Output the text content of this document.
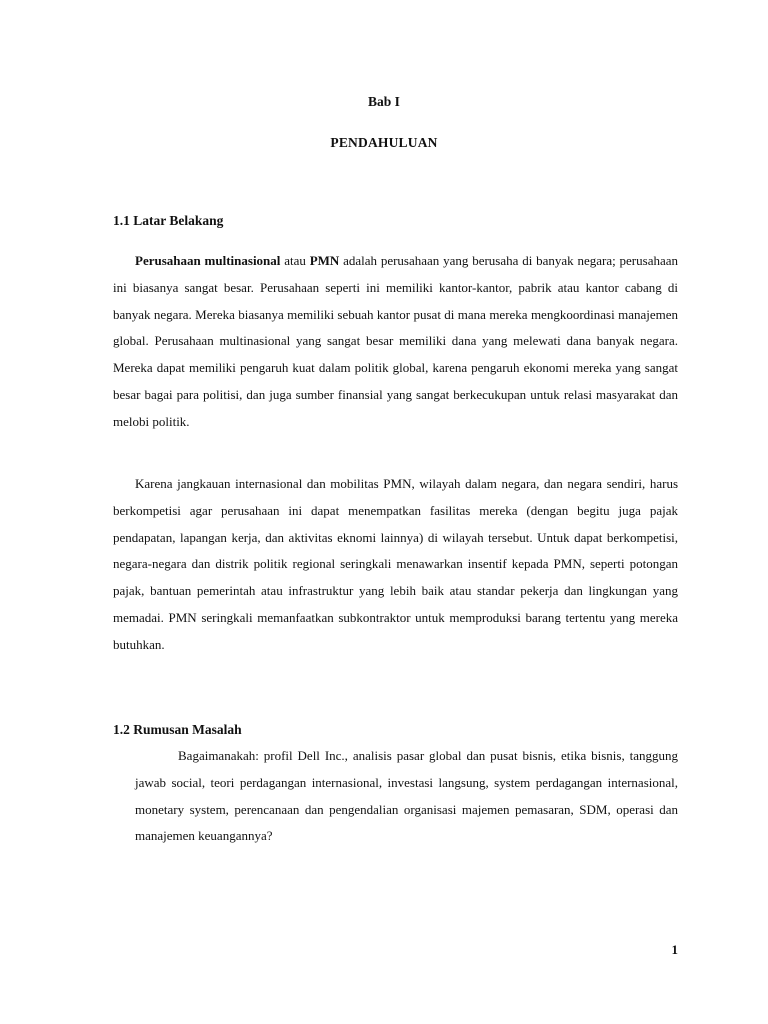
Bab I
PENDAHULUAN
1.1 Latar Belakang

Perusahaan multinasional atau PMN adalah perusahaan yang berusaha di banyak negara; perusahaan ini biasanya sangat besar. Perusahaan seperti ini memiliki kantor-kantor, pabrik atau kantor cabang di banyak negara. Mereka biasanya memiliki sebuah kantor pusat di mana mereka mengkoordinasi manajemen global. Perusahaan multinasional yang sangat besar memiliki dana yang melewati dana banyak negara. Mereka dapat memiliki pengaruh kuat dalam politik global, karena pengaruh ekonomi mereka yang sangat besar bagai para politisi, dan juga sumber finansial yang sangat berkecukupan untuk relasi masyarakat dan melobi politik.

Karena jangkauan internasional dan mobilitas PMN, wilayah dalam negara, dan negara sendiri, harus berkompetisi agar perusahaan ini dapat menempatkan fasilitas mereka (dengan begitu juga pajak pendapatan, lapangan kerja, dan aktivitas eknomi lainnya) di wilayah tersebut. Untuk dapat berkompetisi, negara-negara dan distrik politik regional seringkali menawarkan insentif kepada PMN, seperti potongan pajak, bantuan pemerintah atau infrastruktur yang lebih baik atau standar pekerja dan lingkungan yang memadai. PMN seringkali memanfaatkan subkontraktor untuk memproduksi barang tertentu yang mereka butuhkan.

1.2 Rumusan Masalah

Bagaimanakah: profil Dell Inc., analisis pasar global dan pusat bisnis, etika bisnis, tanggung jawab social, teori perdagangan internasional, investasi langsung, system perdagangan internasional, monetary system, perencanaan dan pengendalian organisasi majemen pemasaran, SDM, operasi dan manajemen keuangannya?

1
